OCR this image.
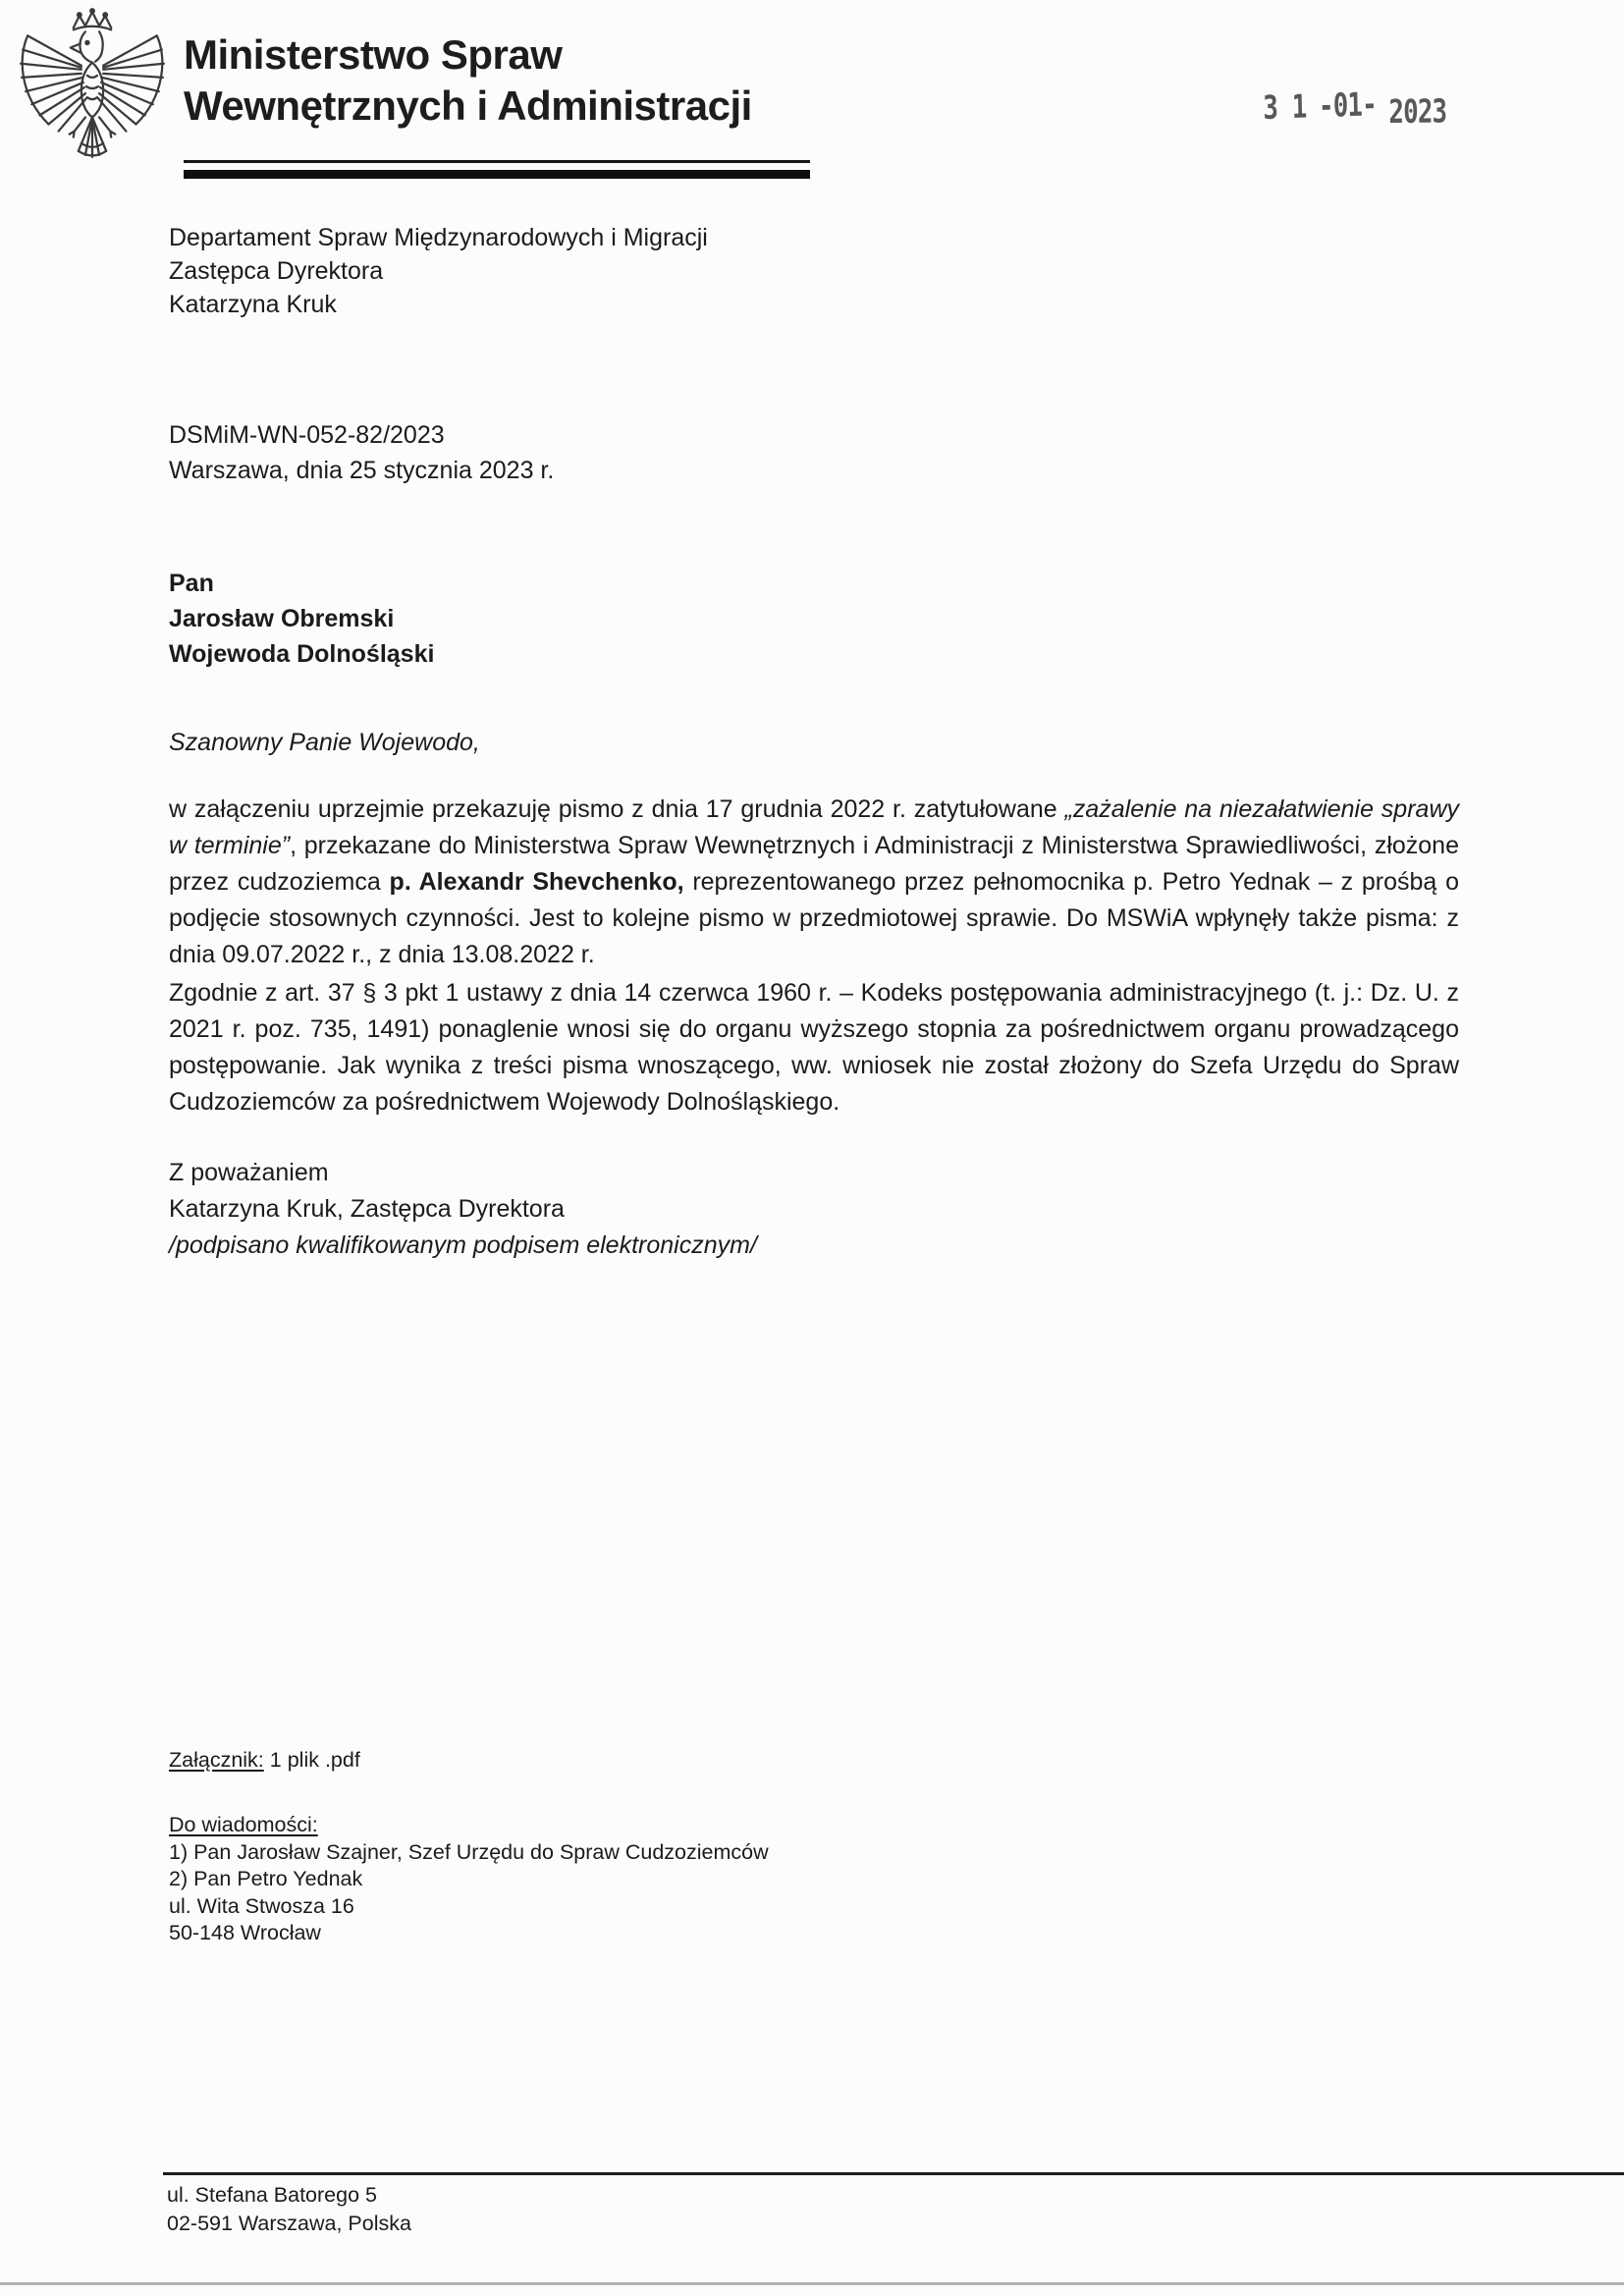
Ministerstwo Spraw
Wewnętrznych i Administracji	3 1 -01- 2023
Departament Spraw Międzynarodowych i Migracji
Zastępca Dyrektora
Katarzyna Kruk
DSMiM-WN-052-82/2023
Warszawa, dnia 25 stycznia 2023 r.
Pan
Jarosław Obremski
Wojewoda Dolnośląski
Szanowny Panie Wojewodo,
w załączeniu uprzejmie przekazuję pismo z dnia 17 grudnia 2022 r. zatytułowane „zażalenie na niezałatwienie sprawy w terminie”, przekazane do Ministerstwa Spraw Wewnętrznych i Administracji z Ministerstwa Sprawiedliwości, złożone przez cudzoziemca p. Alexandr Shevchenko, reprezentowanego przez pełnomocnika p. Petro Yednak – z prośbą o podjęcie stosownych czynności. Jest to kolejne pismo w przedmiotowej sprawie. Do MSWiA wpłynęły także pisma: z dnia 09.07.2022 r., z dnia 13.08.2022 r.
Zgodnie z art. 37 § 3 pkt 1 ustawy z dnia 14 czerwca 1960 r. – Kodeks postępowania administracyjnego (t. j.: Dz. U. z 2021 r. poz. 735, 1491) ponaglenie wnosi się do organu wyższego stopnia za pośrednictwem organu prowadzącego postępowanie. Jak wynika z treści pisma wnoszącego, ww. wniosek nie został złożony do Szefa Urzędu do Spraw Cudzoziemców za pośrednictwem Wojewody Dolnośląskiego.
Z poważaniem
Katarzyna Kruk, Zastępca Dyrektora
/podpisano kwalifikowanym podpisem elektronicznym/
Załącznik: 1 plik .pdf
Do wiadomości:
1) Pan Jarosław Szajner, Szef Urzędu do Spraw Cudzoziemców
2) Pan Petro Yednak
ul. Wita Stwosza 16
50-148 Wrocław
ul. Stefana Batorego 5
02-591 Warszawa, Polska
